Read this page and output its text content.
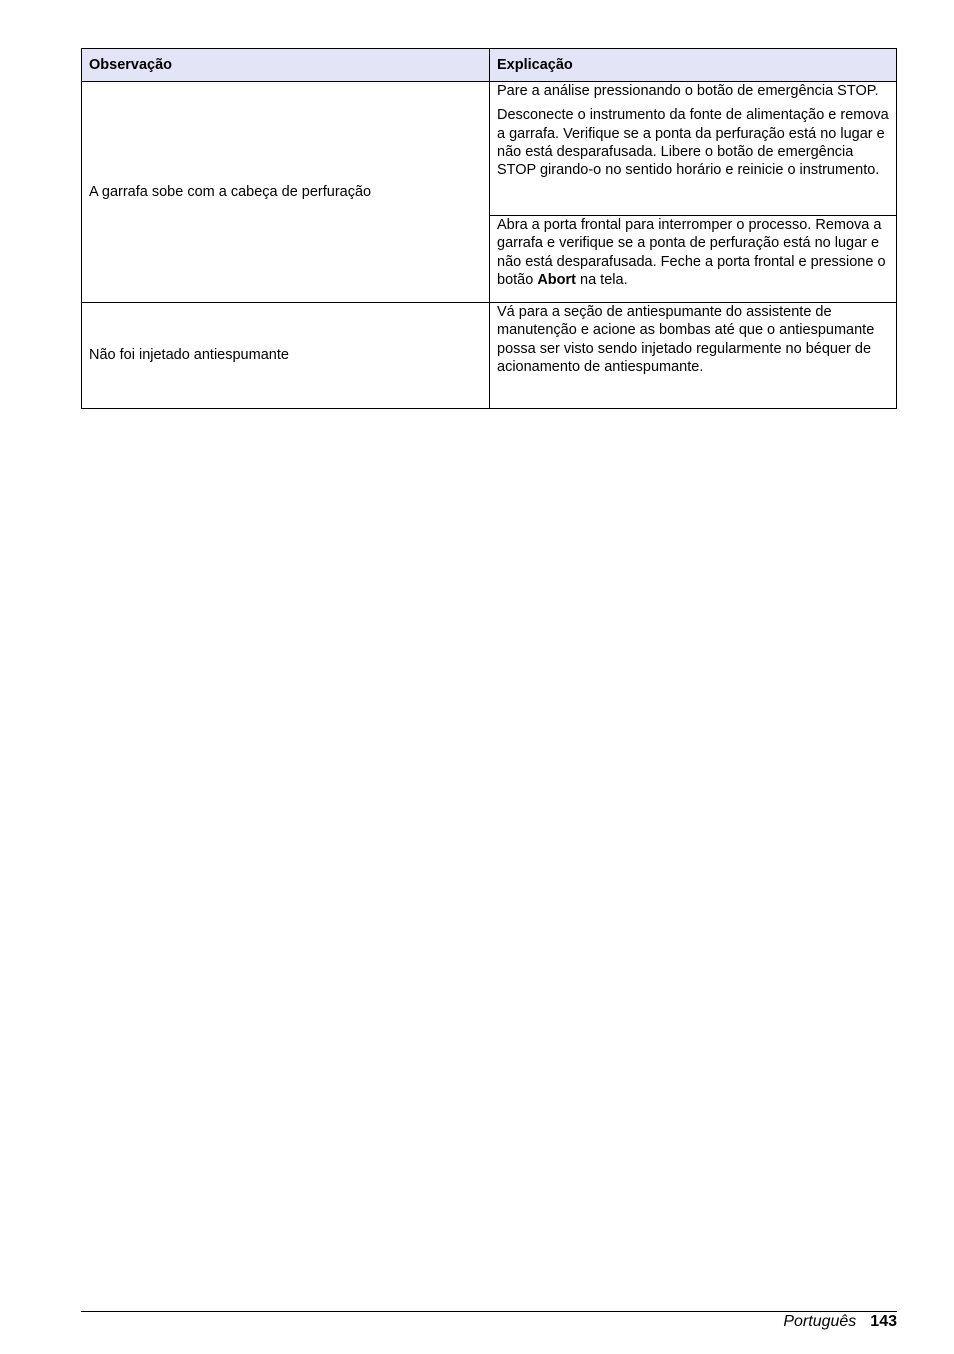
Observação	Explicação
A garrafa sobe com a cabeça de perfuração	Pare a análise pressionando o botão de emergência STOP.

Desconecte o instrumento da fonte de alimentação e remova a garrafa. Verifique se a ponta da perfuração está no lugar e não está desparafusada. Libere o botão de emergência STOP girando-o no sentido horário e reinicie o instrumento.

	Abra a porta frontal para interromper o processo. Remova a garrafa e verifique se a ponta de perfuração está no lugar e não está desparafusada. Feche a porta frontal e pressione o botão Abort na tela.
Não foi injetado antiespumante	Vá para a seção de antiespumante do assistente de manutenção e acione as bombas até que o antiespumante possa ser visto sendo injetado regularmente no béquer de acionamento de antiespumante.
Português 143
